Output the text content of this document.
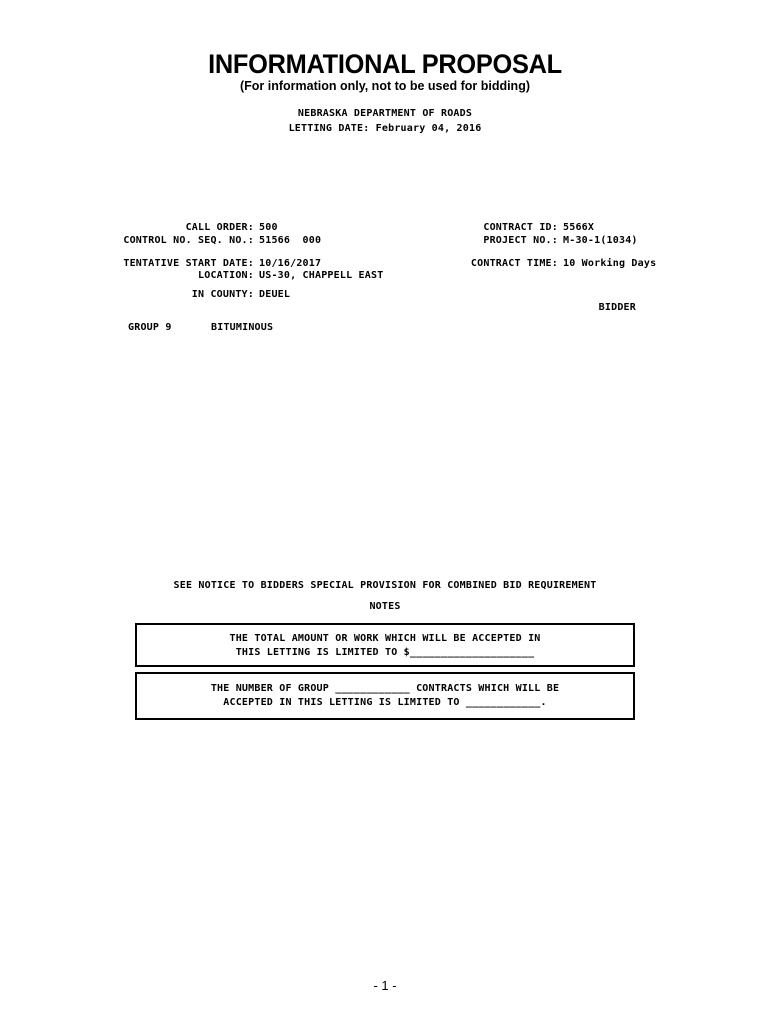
INFORMATIONAL PROPOSAL
(For information only, not to be used for bidding)
NEBRASKA DEPARTMENT OF ROADS
LETTING DATE: February 04, 2016
CALL ORDER: 500
CONTROL NO. SEQ. NO.: 51566  000
TENTATIVE START DATE: 10/16/2017
LOCATION: US-30, CHAPPELL EAST
IN COUNTY: DEUEL
CONTRACT ID: 5566X
PROJECT NO.: M-30-1(1034)
CONTRACT TIME: 10 Working Days
BIDDER
GROUP 9	BITUMINOUS
SEE NOTICE TO BIDDERS SPECIAL PROVISION FOR COMBINED BID REQUIREMENT
NOTES
THE TOTAL AMOUNT OR WORK WHICH WILL BE ACCEPTED IN
THIS LETTING IS LIMITED TO $____________________
THE NUMBER OF GROUP ____________ CONTRACTS WHICH WILL BE
ACCEPTED IN THIS LETTING IS LIMITED TO ____________.
- 1 -
